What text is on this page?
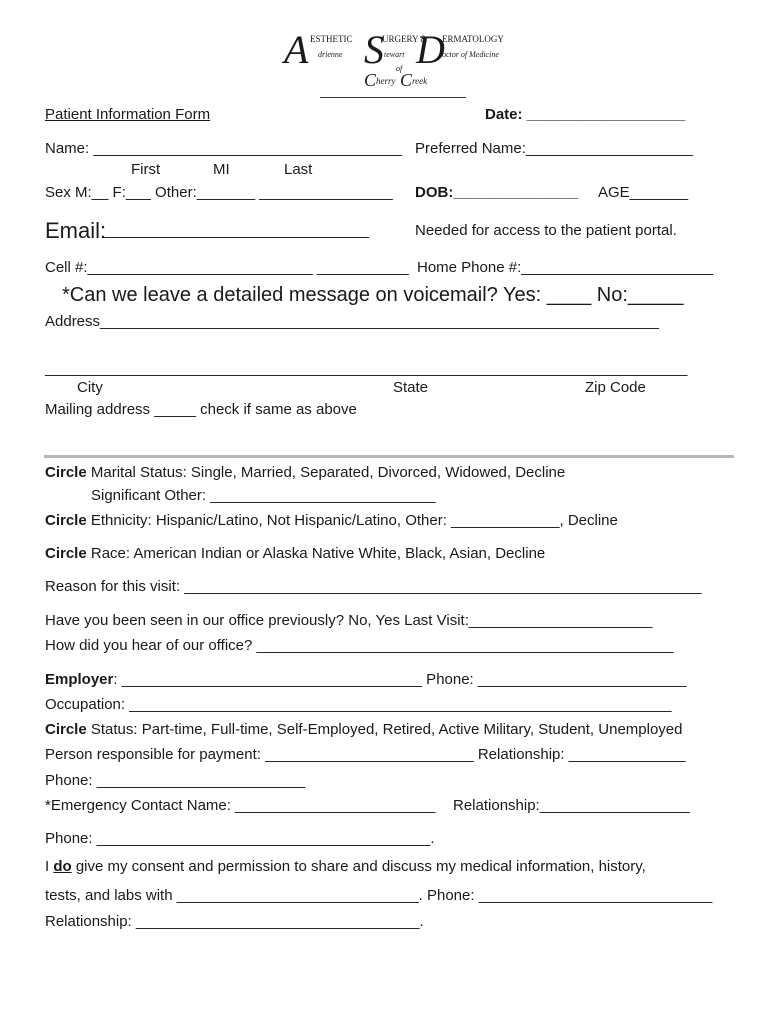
A ESTHETIC S
URGERY &
D
ERMATOLOGY
drienne	tewart	octor of Medicine
of
C herry C reek
Patient Information Form	Date: ___________________
Name: _____________________________________ Preferred Name:____________________
First	MI	Last
Sex M:__ F:___ Other:_______ ________________ DOB:_______________ AGE_______
Email:
________________________________	Needed for access to the patient portal.
Cell #:___________________________ ___________ Home Phone #:_______________________
*Can we leave a detailed message on voicemail? Yes: ____ No:_____
Address___________________________________________________________________
_____________________________________________________________________________
City	State	Zip Code
Mailing address _____ check if same as above
Circle Marital Status: Single, Married, Separated, Divorced, Widowed, Decline
Significant Other: ___________________________
Circle Ethnicity: Hispanic/Latino, Not Hispanic/Latino, Other: _____________, Decline
Circle Race: American Indian or Alaska Native White, Black, Asian, Decline
Reason for this visit: ______________________________________________________________
Have you been seen in our office previously? No, Yes Last Visit:______________________
How did you hear of our office? __________________________________________________
Employer: ____________________________________ Phone: _________________________
Occupation: _________________________________________________________________
Circle Status: Part-time, Full-time, Self-Employed, Retired, Active Military, Student, Unemployed
Person responsible for payment: _________________________ Relationship: ______________
Phone: _________________________
*Emergency Contact Name: ________________________ Relationship:__________________
Phone: ________________________________________.
I do give my consent and permission to share and discuss my medical information, history,
tests, and labs with _____________________________. Phone: ____________________________
Relationship: __________________________________.
